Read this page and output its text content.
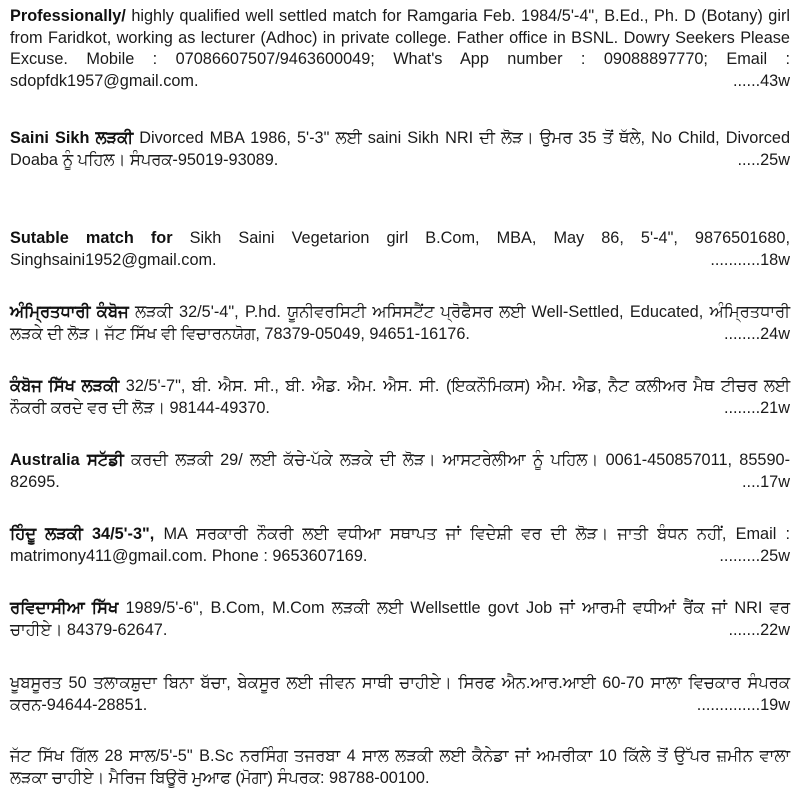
Professionally/ highly qualified well settled match for Ramgaria Feb. 1984/5'-4", B.Ed., Ph. D (Botany) girl from Faridkot, working as lecturer (Adhoc) in private college. Father office in BSNL. Dowry Seekers Please Excuse. Mobile : 07086607507/9463600049; What's App number : 09088897770; Email : sdopfdk1957@gmail.com.	......43w

Saini Sikh ਲੜਕੀ Divorced MBA 1986, 5'-3" ਲਈ saini Sikh NRI ਦੀ ਲੋੜ। ਉਮਰ 35 ਤੋਂ ਥੱਲੇ, No Child, Divorced Doaba ਨੂੰ ਪਹਿਲ। ਸੰਪਰਕ-95019-93089.	.....25w

Sutable match for Sikh Saini Vegetarion girl B.Com, MBA, May 86, 5'-4", 9876501680, Singhsaini1952@gmail.com.	...........18w

ਅੰਮ੍ਰਿਤਧਾਰੀ ਕੰਬੋਜ ਲੜਕੀ 32/5'-4", P.hd. ਯੂਨੀਵਰਸਿਟੀ ਅਸਿਸਟੈਂਟ ਪ੍ਰੋਫੈਸਰ ਲਈ Well-Settled, Educated, ਅੰਮ੍ਰਿਤਧਾਰੀ ਲੜਕੇ ਦੀ ਲੋੜ। ਜੱਟ ਸਿੱਖ ਵੀ ਵਿਚਾਰਨਯੋਗ, 78379-05049, 94651-16176.	........24w

ਕੰਬੋਜ ਸਿੱਖ ਲੜਕੀ 32/5'-7", ਬੀ. ਐਸ. ਸੀ., ਬੀ. ਐਡ. ਐਮ. ਐਸ. ਸੀ. (ਇਕਨੌਮਿਕਸ) ਐਮ. ਐਡ, ਨੈਟ ਕਲੀਅਰ ਮੈਥ ਟੀਚਰ ਲਈ ਨੌਕਰੀ ਕਰਦੇ ਵਰ ਦੀ ਲੋੜ। 98144-49370.	........21w

Australia ਸਟੱਡੀ ਕਰਦੀ ਲੜਕੀ 29/ ਲਈ ਕੱਚੇ-ਪੱਕੇ ਲੜਕੇ ਦੀ ਲੋੜ। ਆਸਟਰੇਲੀਆ ਨੂੰ ਪਹਿਲ। 0061-450857011, 85590-82695.	....17w

ਹਿੰਦੂ ਲੜਕੀ 34/5'-3", MA ਸਰਕਾਰੀ ਨੌਕਰੀ ਲਈ ਵਧੀਆ ਸਥਾਪਤ ਜਾਂ ਵਿਦੇਸ਼ੀ ਵਰ ਦੀ ਲੋੜ। ਜਾਤੀ ਬੰਧਨ ਨਹੀਂ, Email : matrimony411@gmail.com. Phone : 9653607169.	.........25w

ਰਵਿਦਾਸੀਆ ਸਿੱਖ 1989/5'-6", B.Com, M.Com ਲੜਕੀ ਲਈ Wellsettle govt Job ਜਾਂ ਆਰਮੀ ਵਧੀਆਂ ਰੈਂਕ ਜਾਂ NRI ਵਰ ਚਾਹੀਏ। 84379-62647.	.......22w

ਖੂਬਸੂਰਤ 50 ਤਲਾਕਸ਼ੁਦਾ ਬਿਨਾ ਬੱਚਾ, ਬੇਕਸੂਰ ਲਈ ਜੀਵਨ ਸਾਥੀ ਚਾਹੀਏ। ਸਿਰਫ ਐਨ.ਆਰ.ਆਈ 60-70 ਸਾਲਾ ਵਿਚਕਾਰ ਸੰਪਰਕ ਕਰਨ-94644-28851.	..............19w

ਜੱਟ ਸਿੱਖ ਗਿੱਲ 28 ਸਾਲ/5'-5" B.Sc ਨਰਸਿੰਗ ਤਜਰਬਾ 4 ਸਾਲ ਲੜਕੀ ਲਈ ਕੈਨੇਡਾ ਜਾਂ ਅਮਰੀਕਾ 10 ਕਿੱਲੇ ਤੋਂ ਉੱਪਰ ਜ਼ਮੀਨ ਵਾਲਾ ਲੜਕਾ ਚਾਹੀਏ। ਮੈਰਿਜ ਬਿਊਰੋ ਮੁਆਫ (ਮੋਗਾ) ਸੰਪਰਕ: 98788-00100.
